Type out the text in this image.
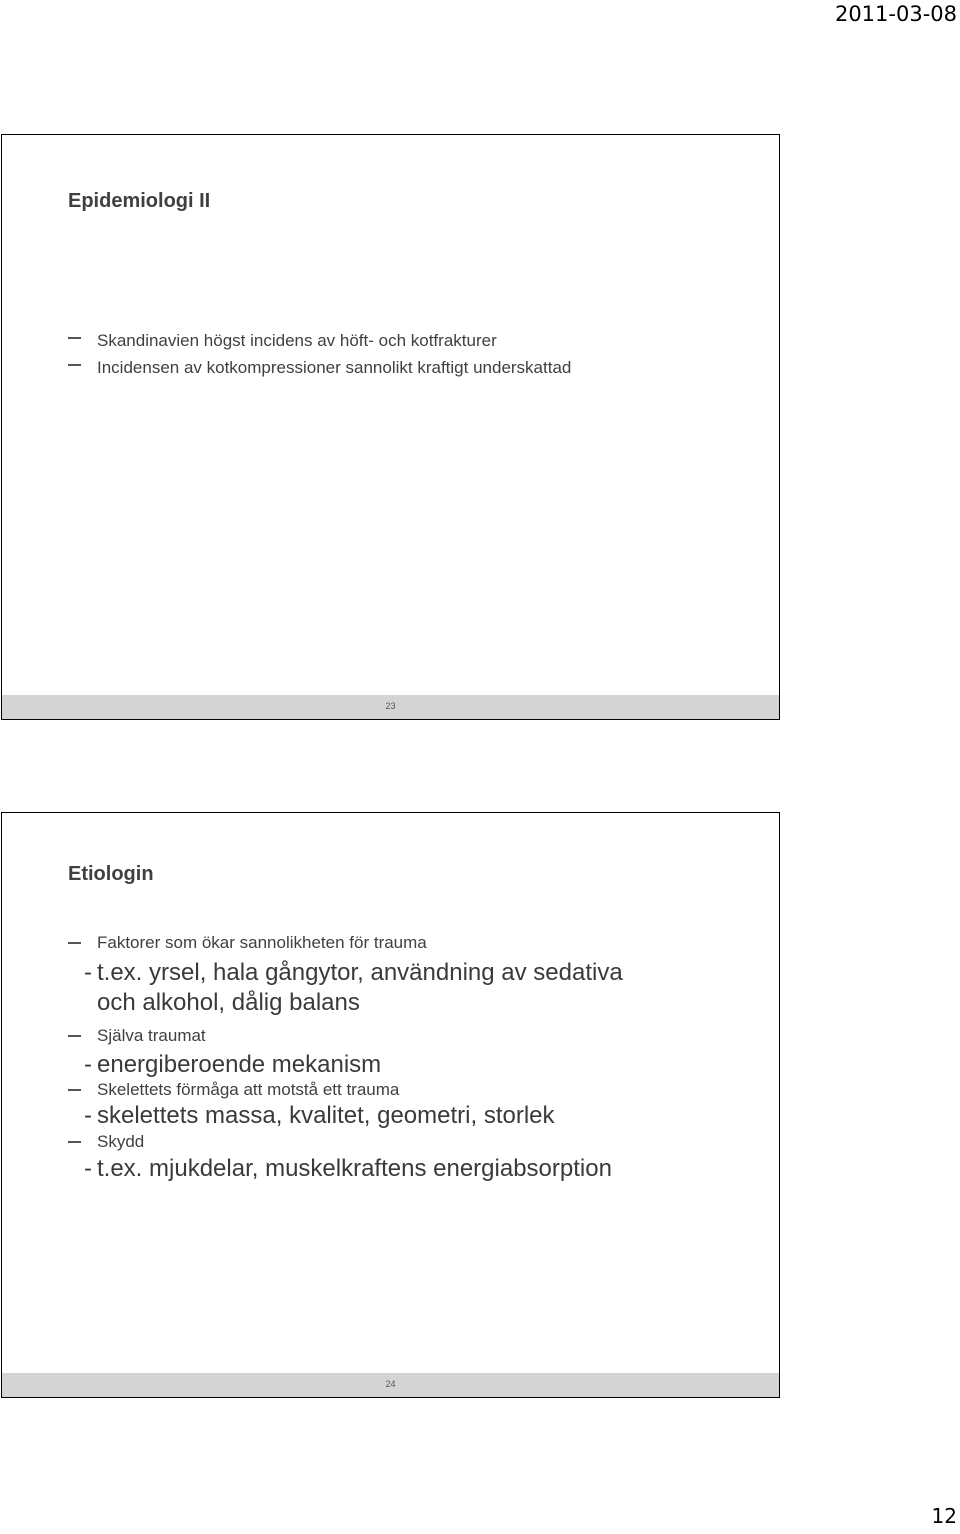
2011-03-08
Epidemiologi II
Skandinavien högst incidens av höft- och kotfrakturer
Incidensen av kotkompressioner sannolikt kraftigt underskattad
23
Etiologin
Faktorer som ökar sannolikheten för trauma
- t.ex. yrsel, hala gångytor, användning av sedativa
och alkohol, dålig balans
Själva traumat
- energiberoende mekanism
Skelettets förmåga att motstå ett trauma
- skelettets massa, kvalitet, geometri, storlek
Skydd
- t.ex. mjukdelar, muskelkraftens energiabsorption
24
12
